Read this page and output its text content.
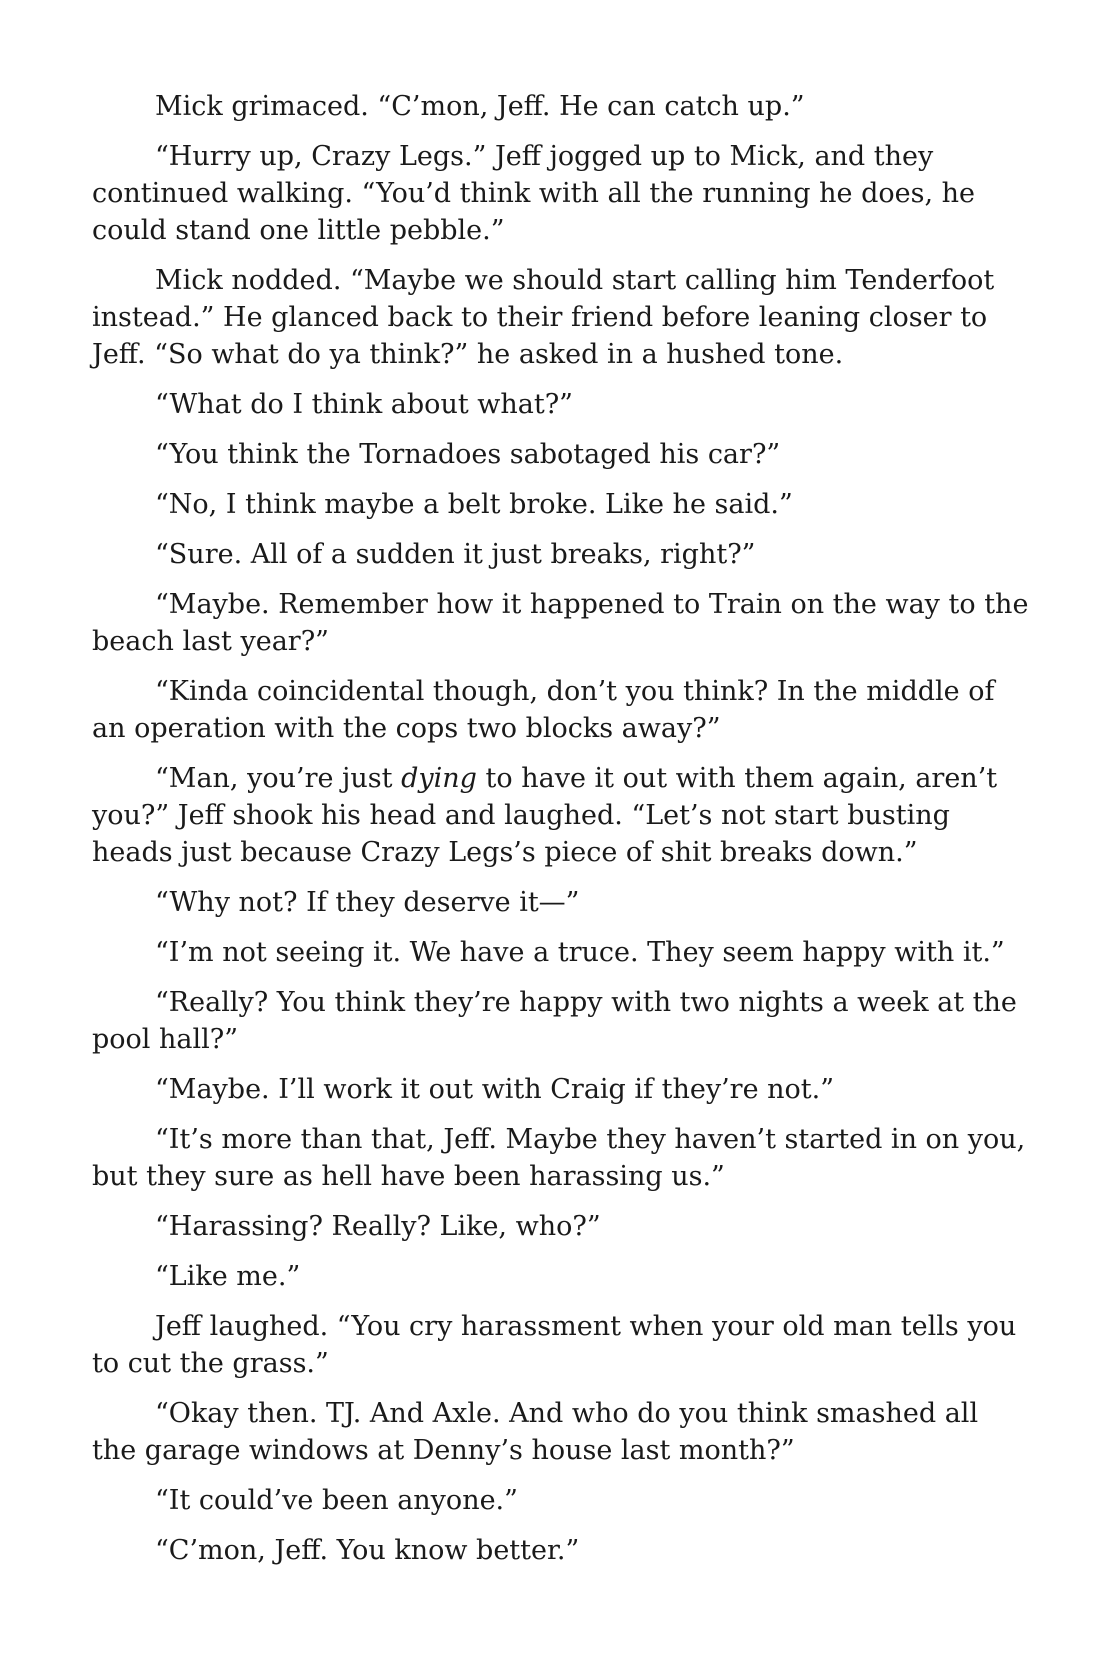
Mick grimaced. “C’mon, Jeff. He can catch up.”

“Hurry up, Crazy Legs.” Jeff jogged up to Mick, and they continued walking. “You’d think with all the running he does, he could stand one little pebble.”

Mick nodded. “Maybe we should start calling him Tenderfoot instead.” He glanced back to their friend before leaning closer to Jeff. “So what do ya think?” he asked in a hushed tone.

“What do I think about what?”

“You think the Tornadoes sabotaged his car?”

“No, I think maybe a belt broke. Like he said.”

“Sure. All of a sudden it just breaks, right?”

“Maybe. Remember how it happened to Train on the way to the beach last year?”

“Kinda coincidental though, don’t you think? In the middle of an operation with the cops two blocks away?”

“Man, you’re just dying to have it out with them again, aren’t you?” Jeff shook his head and laughed. “Let’s not start busting heads just because Crazy Legs’s piece of shit breaks down.”

“Why not? If they deserve it—”

“I’m not seeing it. We have a truce. They seem happy with it.”

“Really? You think they’re happy with two nights a week at the pool hall?”

“Maybe. I’ll work it out with Craig if they’re not.”

“It’s more than that, Jeff. Maybe they haven’t started in on you, but they sure as hell have been harassing us.”

“Harassing? Really? Like, who?”

“Like me.”

Jeff laughed. “You cry harassment when your old man tells you to cut the grass.”

“Okay then. TJ. And Axle. And who do you think smashed all the garage windows at Denny’s house last month?”

“It could’ve been anyone.”

“C’mon, Jeff. You know better.”
